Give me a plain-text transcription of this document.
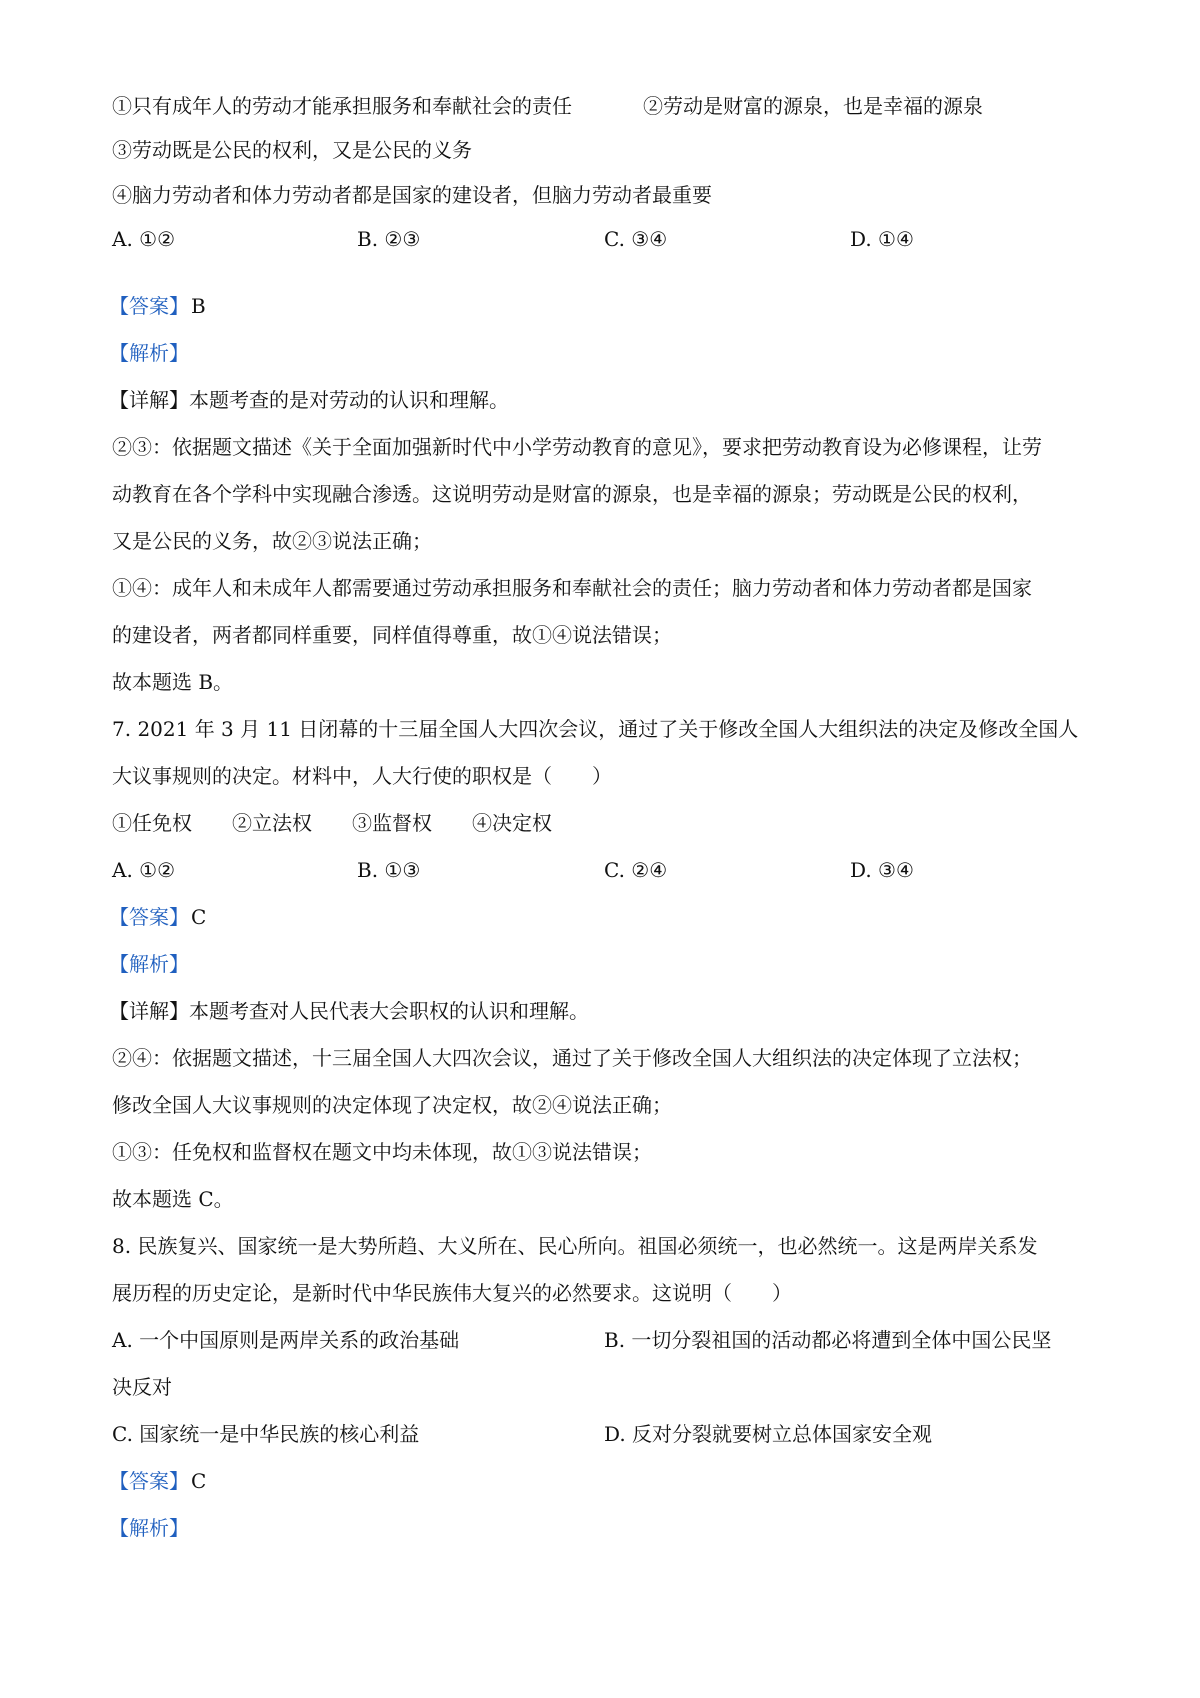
①只有成年人的劳动才能承担服务和奉献社会的责任	②劳动是财富的源泉，也是幸福的源泉
③劳动既是公民的权利，又是公民的义务
④脑力劳动者和体力劳动者都是国家的建设者，但脑力劳动者最重要
A. ①②	B. ②③	C. ③④	D. ①④
【答案】 B
【解析】
【详解】本题考查的是对劳动的认识和理解。
②③：依据题文描述《关于全面加强新时代中小学劳动教育的意见》，要求把劳动教育设为必修课程，让劳
动教育在各个学科中实现融合渗透。这说明劳动是财富的源泉，也是幸福的源泉；劳动既是公民的权利，
又是公民的义务，故②③说法正确；
①④：成年人和未成年人都需要通过劳动承担服务和奉献社会的责任；脑力劳动者和体力劳动者都是国家
的建设者，两者都同样重要，同样值得尊重，故①④说法错误；
故本题选 B。
7. 2021 年 3 月 11 日闭幕的十三届全国人大四次会议，通过了关于修改全国人大组织法的决定及修改全国人
大议事规则的决定。材料中，人大行使的职权是（　　）
①任免权　　②立法权　　③监督权　　④决定权
A. ①②	B. ①③	C. ②④	D. ③④
【答案】 C
【解析】
【详解】本题考查对人民代表大会职权的认识和理解。
②④：依据题文描述，十三届全国人大四次会议，通过了关于修改全国人大组织法的决定体现了立法权；
修改全国人大议事规则的决定体现了决定权，故②④说法正确；
①③：任免权和监督权在题文中均未体现，故①③说法错误；
故本题选 C。
8. 民族复兴、国家统一是大势所趋、大义所在、民心所向。祖国必须统一，也必然统一。这是两岸关系发
展历程的历史定论，是新时代中华民族伟大复兴的必然要求。这说明（　　）
A. 一个中国原则是两岸关系的政治基础	B. 一切分裂祖国的活动都必将遭到全体中国公民坚
决反对
C. 国家统一是中华民族的核心利益	D. 反对分裂就要树立总体国家安全观
【答案】 C
【解析】
